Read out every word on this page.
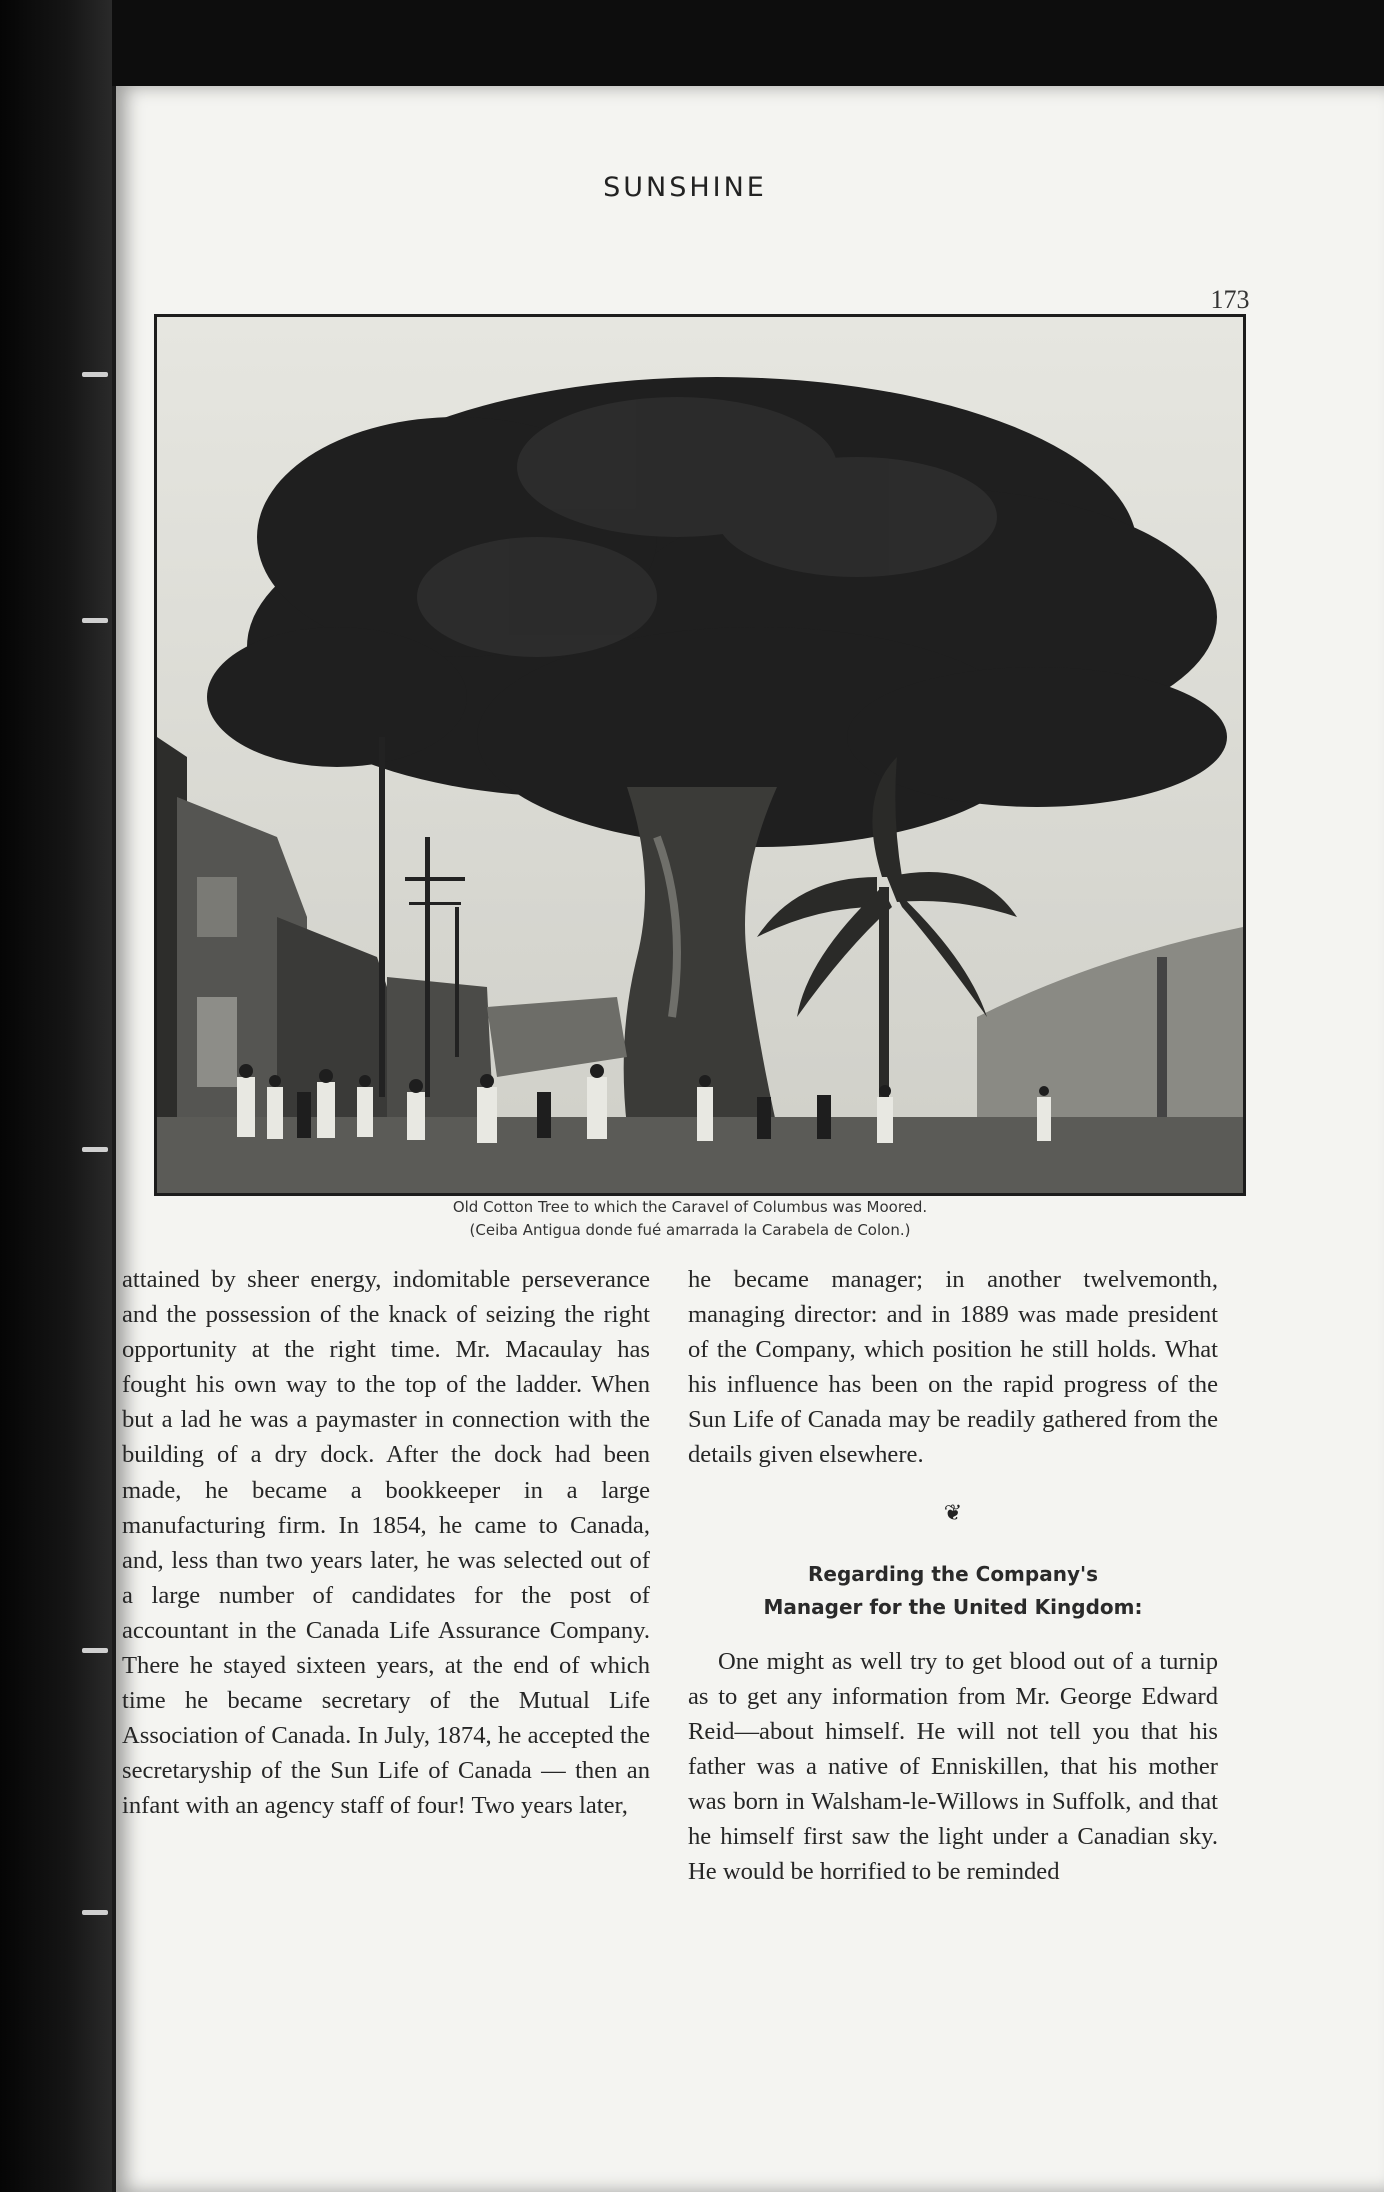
SUNSHINE
173
Old Cotton Tree to which the Caravel of Columbus was Moored.
(Ceiba Antigua donde fué amarrada la Carabela de Colon.)

attained by sheer energy, indomitable perseverance and the possession of the knack of seizing the right opportunity at the right time. Mr. Macaulay has fought his own way to the top of the ladder. When but a lad he was a paymaster in connection with the building of a dry dock. After the dock had been made, he became a bookkeeper in a large manufacturing firm. In 1854, he came to Canada, and, less than two years later, he was selected out of a large number of candidates for the post of accountant in the Canada Life Assurance Company. There he stayed sixteen years, at the end of which time he became secretary of the Mutual Life Association of Canada. In July, 1874, he accepted the secretaryship of the Sun Life of Canada — then an infant with an agency staff of four! Two years later,

he became manager; in another twelvemonth, managing director: and in 1889 was made president of the Company, which position he still holds. What his influence has been on the rapid progress of the Sun Life of Canada may be readily gathered from the details given elsewhere.

❦
Regarding the Company's
Manager for the United Kingdom:

One might as well try to get blood out of a turnip as to get any information from Mr. George Edward Reid—about himself. He will not tell you that his father was a native of Enniskillen, that his mother was born in Walsham-le-Willows in Suffolk, and that he himself first saw the light under a Canadian sky. He would be horrified to be reminded
